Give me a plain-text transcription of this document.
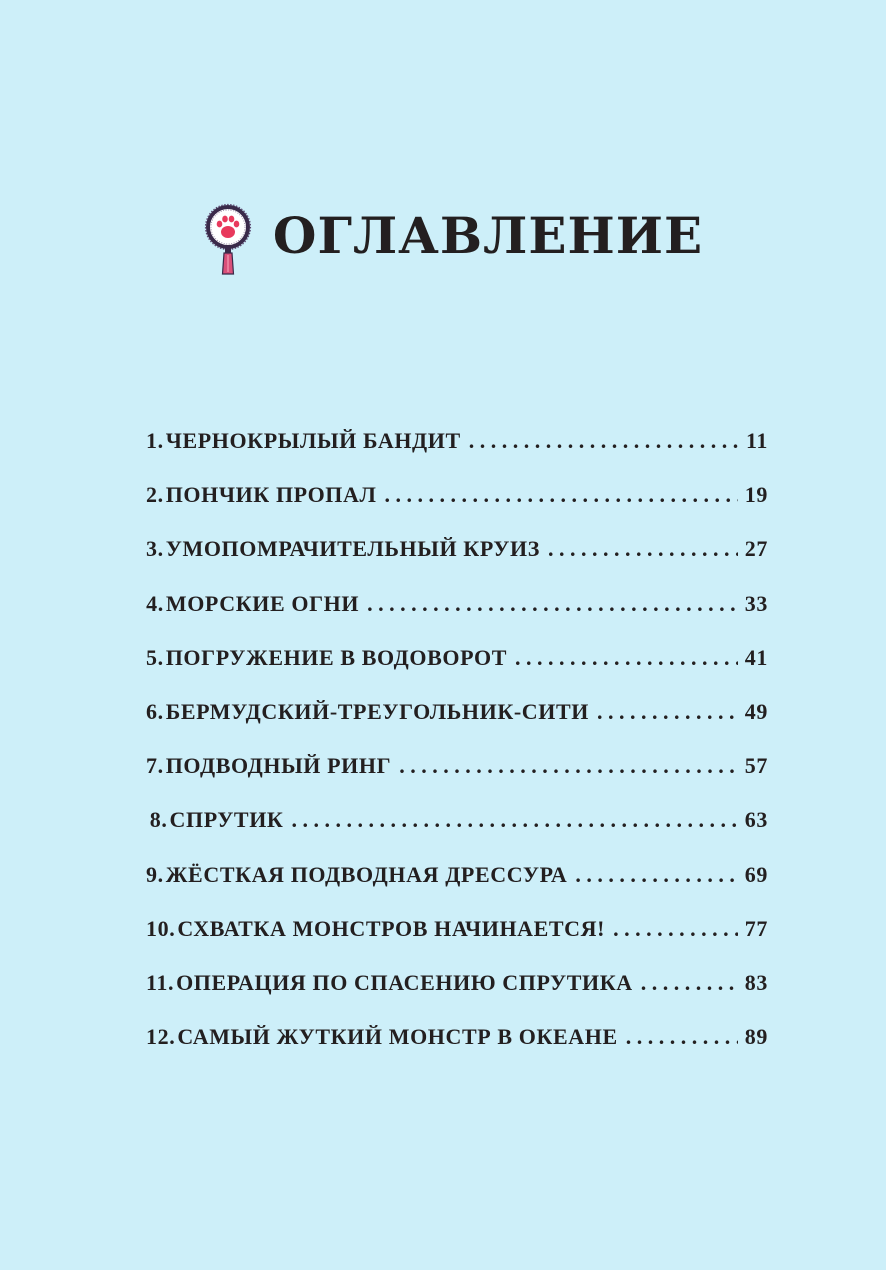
ОГЛАВЛЕНИЕ
1. ЧЕРНОКРЫЛЫЙ БАНДИТ . . .	11
2. ПОНЧИК ПРОПАЛ . . .	19
3. УМОПОМРАЧИТЕЛЬНЫЙ КРУИЗ . . .	27
4. МОРСКИЕ ОГНИ . . .	33
5. ПОГРУЖЕНИЕ В ВОДОВОРОТ . . .	41
6. БЕРМУДСКИЙ-ТРЕУГОЛЬНИК-СИТИ . . .	49
7. ПОДВОДНЫЙ РИНГ . . .	57
8. СПРУТИК . . .	63
9. ЖЁСТКАЯ ПОДВОДНАЯ ДРЕССУРА . . .	69
10. СХВАТКА МОНСТРОВ НАЧИНАЕТСЯ! . . .	77
11. ОПЕРАЦИЯ ПО СПАСЕНИЮ СПРУТИКА . . .	83
12. САМЫЙ ЖУТКИЙ МОНСТР В ОКЕАНЕ . . .	89
